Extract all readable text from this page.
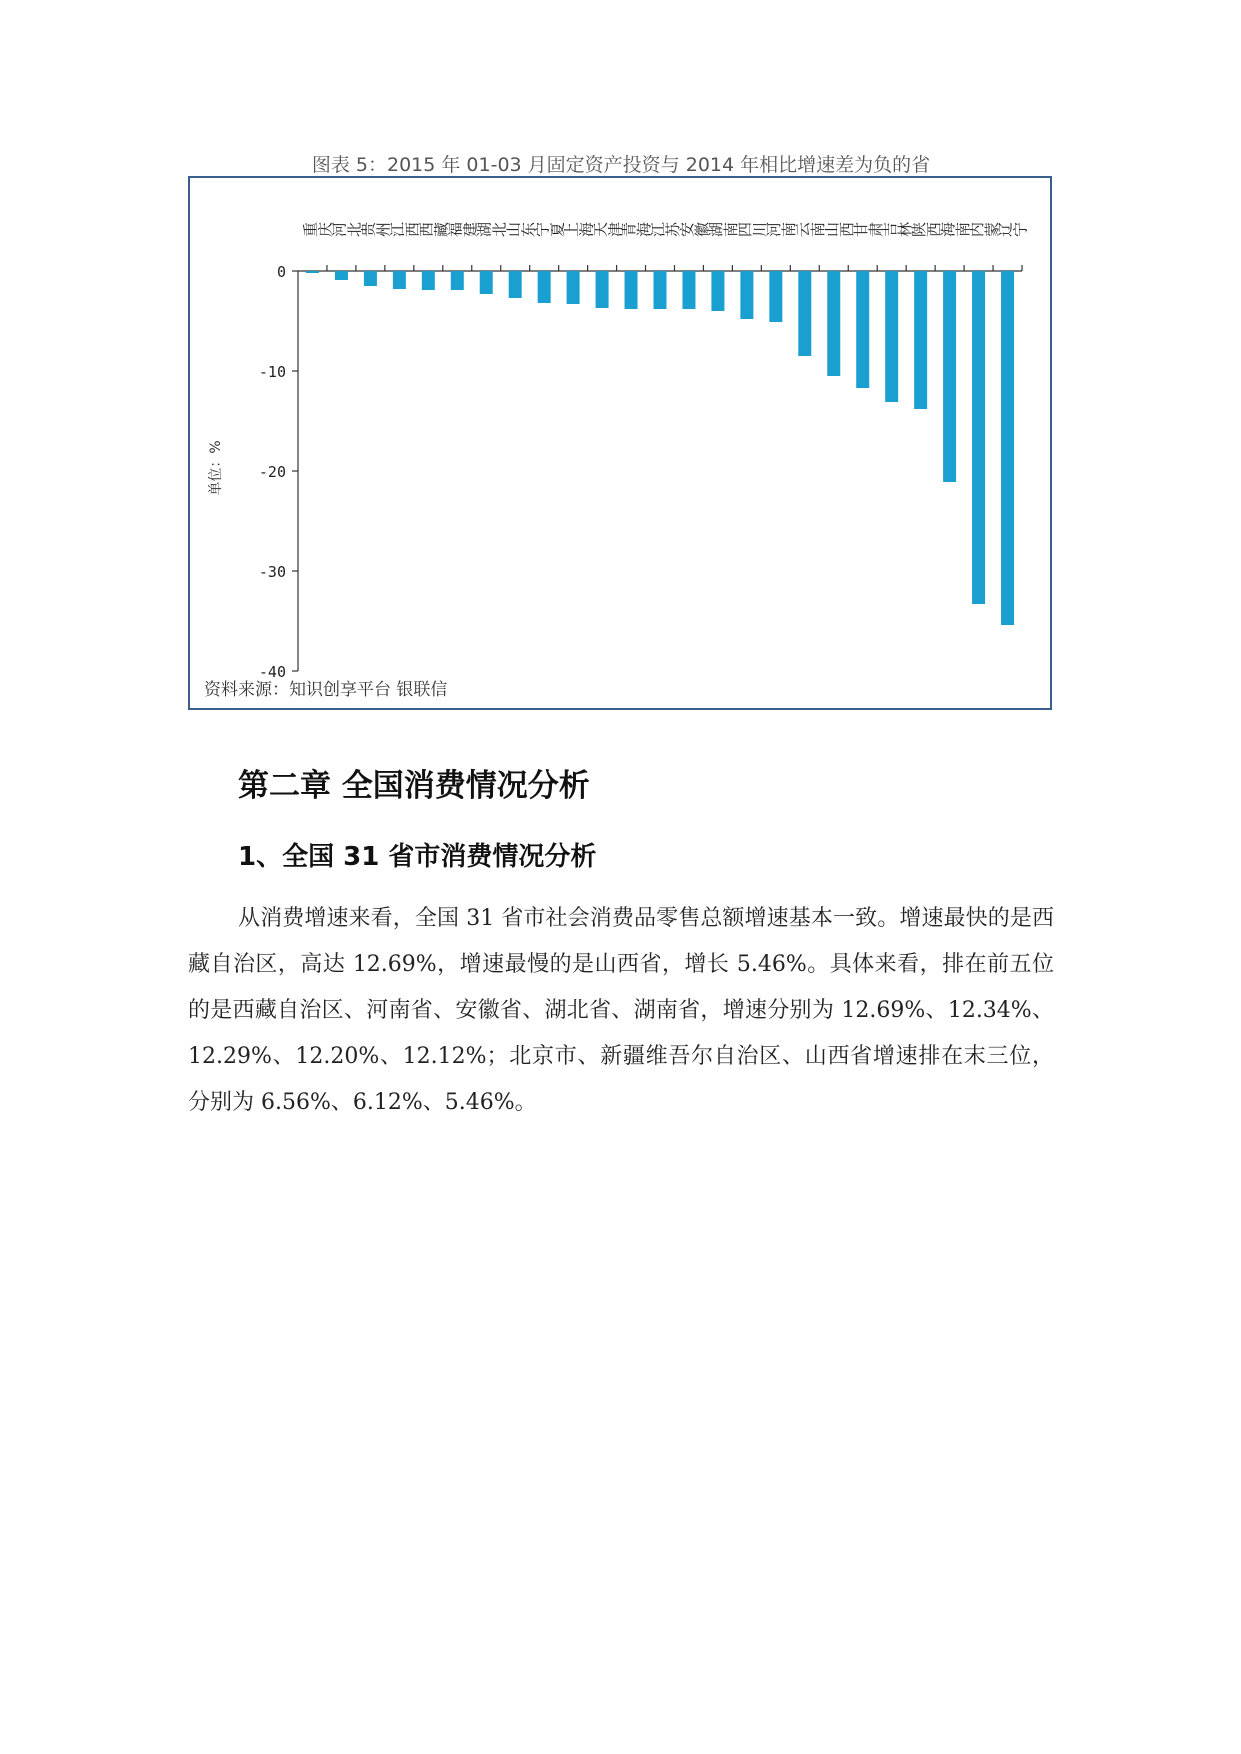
图表 5：2015 年 01-03 月固定资产投资与 2014 年相比增速差为负的省
0
-10
-20
-30
-40
单位：%
重庆
河北
贵州
江西
西藏
福建
湖北
山东
宁夏
上海
天津
青海
江苏
安徽
湖南
四川
河南
云南
山西
甘肃
吉林
陕西
海南
内蒙
辽宁
资料来源：知识创享平台 银联信
第二章 全国消费情况分析
1、全国 31 省市消费情况分析
从消费增速来看，全国 31 省市社会消费品零售总额增速基本一致。增速最快的是西藏自治区，高达 12.69%，增速最慢的是山西省，增长 5.46%。具体来看，排在前五位的是西藏自治区、河南省、安徽省、湖北省、湖南省，增速分别为 12.69%、12.34%、12.29%、12.20%、12.12%；北京市、新疆维吾尔自治区、山西省增速排在末三位，分别为 6.56%、6.12%、5.46%。
